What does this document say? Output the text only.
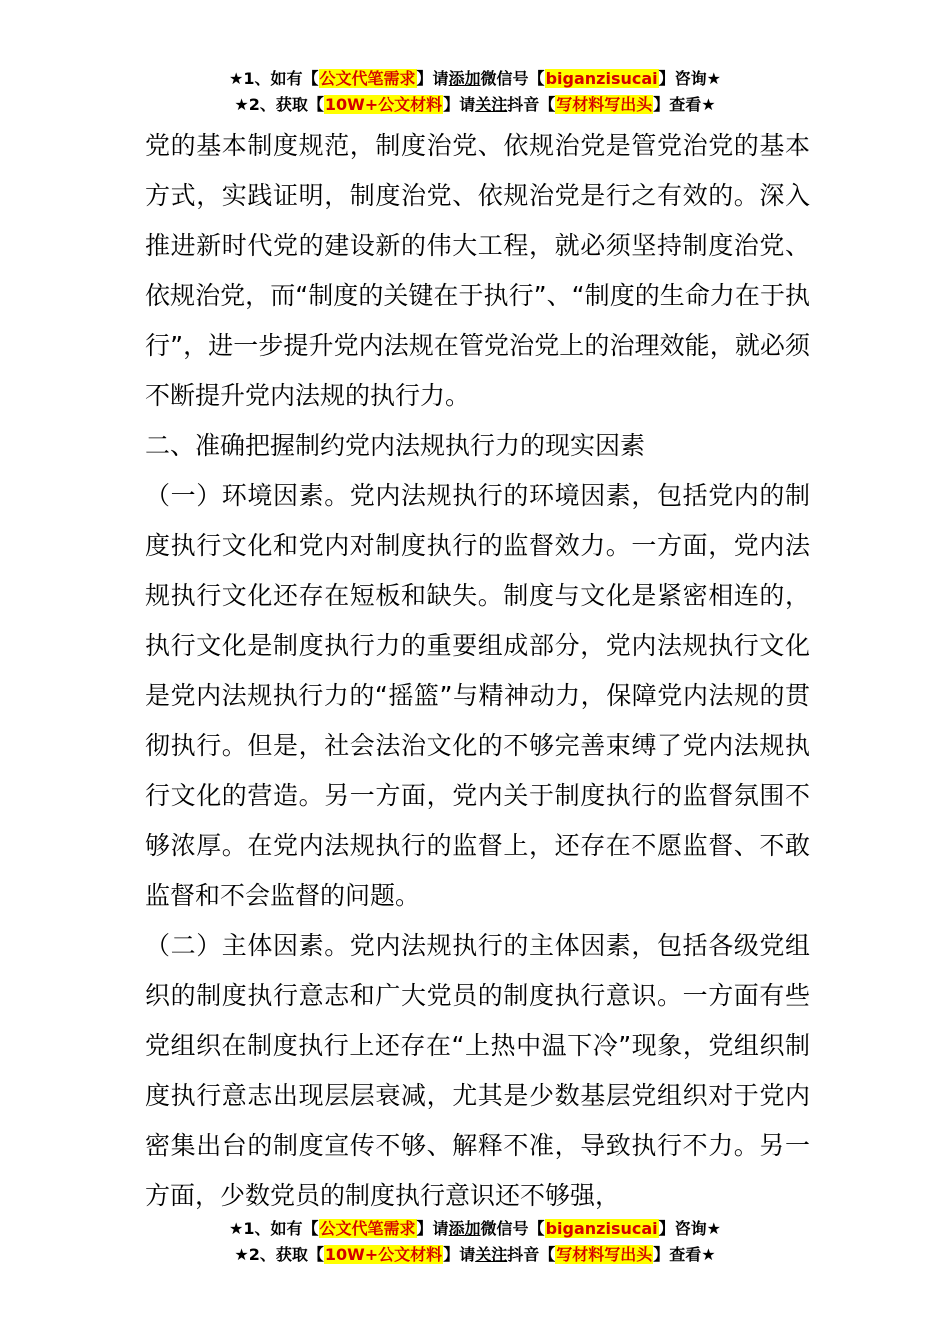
★1、如有【公文代笔需求】请添加微信号【biganzisucai】咨询★
★2、获取【10W+公文材料】请关注抖音【写材料写出头】查看★

党的基本制度规范，制度治党、依规治党是管党治党的基本方式，实践证明，制度治党、依规治党是行之有效的。深入推进新时代党的建设新的伟大工程，就必须坚持制度治党、依规治党，而“制度的关键在于执行”、“制度的生命力在于执行”，进一步提升党内法规在管党治党上的治理效能，就必须不断提升党内法规的执行力。

二、准确把握制约党内法规执行力的现实因素

（一）环境因素。党内法规执行的环境因素，包括党内的制度执行文化和党内对制度执行的监督效力。一方面，党内法规执行文化还存在短板和缺失。制度与文化是紧密相连的，执行文化是制度执行力的重要组成部分，党内法规执行文化是党内法规执行力的“摇篮”与精神动力，保障党内法规的贯彻执行。但是，社会法治文化的不够完善束缚了党内法规执行文化的营造。另一方面，党内关于制度执行的监督氛围不够浓厚。在党内法规执行的监督上，还存在不愿监督、不敢监督和不会监督的问题。

（二）主体因素。党内法规执行的主体因素，包括各级党组织的制度执行意志和广大党员的制度执行意识。一方面有些党组织在制度执行上还存在“上热中温下冷”现象，党组织制度执行意志出现层层衰减，尤其是少数基层党组织对于党内密集出台的制度宣传不够、解释不准，导致执行不力。另一方面，少数党员的制度执行意识还不够强，

★1、如有【公文代笔需求】请添加微信号【biganzisucai】咨询★
★2、获取【10W+公文材料】请关注抖音【写材料写出头】查看★
